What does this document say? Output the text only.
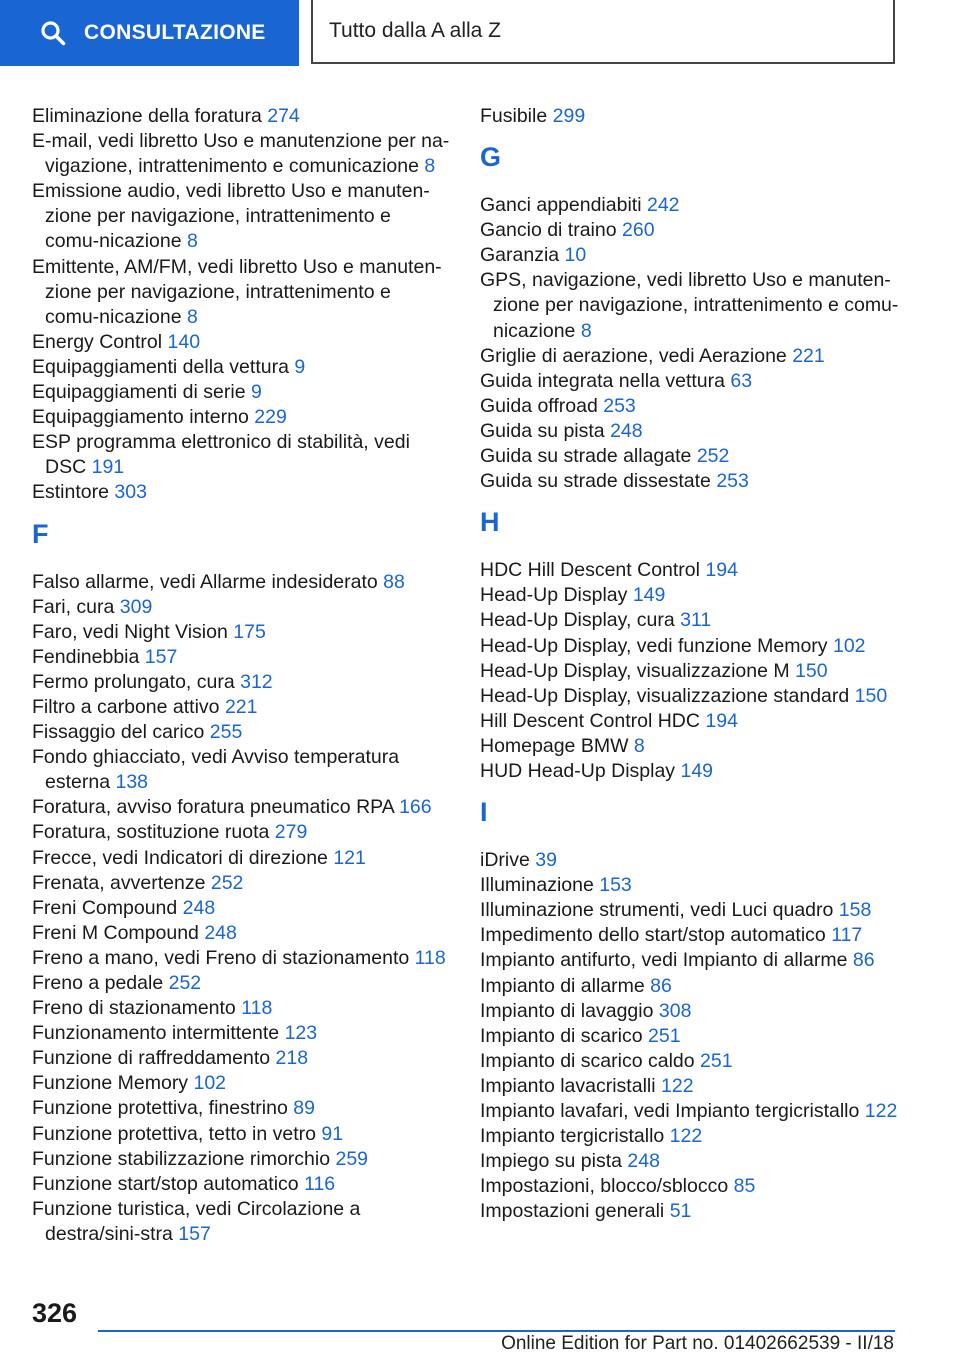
CONSULTAZIONE	Tutto dalla A alla Z

Eliminazione della foratura 274

E-mail, vedi libretto Uso e manutenzione per na-vigazione, intrattenimento e comunicazione 8

Emissione audio, vedi libretto Uso e manuten-zione per navigazione, intrattenimento e comu-nicazione 8

Emittente, AM/FM, vedi libretto Uso e manuten-zione per navigazione, intrattenimento e comu-nicazione 8

Energy Control 140

Equipaggiamenti della vettura 9

Equipaggiamenti di serie 9

Equipaggiamento interno 229

ESP programma elettronico di stabilità, vedi DSC 191

Estintore 303

F

Falso allarme, vedi Allarme indesiderato 88

Fari, cura 309

Faro, vedi Night Vision 175

Fendinebbia 157

Fermo prolungato, cura 312

Filtro a carbone attivo 221

Fissaggio del carico 255

Fondo ghiacciato, vedi Avviso temperatura esterna 138

Foratura, avviso foratura pneumatico RPA 166

Foratura, sostituzione ruota 279

Frecce, vedi Indicatori di direzione 121

Frenata, avvertenze 252

Freni Compound 248

Freni M Compound 248

Freno a mano, vedi Freno di stazionamento 118

Freno a pedale 252

Freno di stazionamento 118

Funzionamento intermittente 123

Funzione di raffreddamento 218

Funzione Memory 102

Funzione protettiva, finestrino 89

Funzione protettiva, tetto in vetro 91

Funzione stabilizzazione rimorchio 259

Funzione start/stop automatico 116

Funzione turistica, vedi Circolazione a destra/sini-stra 157

Fusibile 299

G

Ganci appendiabiti 242

Gancio di traino 260

Garanzia 10

GPS, navigazione, vedi libretto Uso e manuten-zione per navigazione, intrattenimento e comu-nicazione 8

Griglie di aerazione, vedi Aerazione 221

Guida integrata nella vettura 63

Guida offroad 253

Guida su pista 248

Guida su strade allagate 252

Guida su strade dissestate 253

H

HDC Hill Descent Control 194

Head-Up Display 149

Head-Up Display, cura 311

Head-Up Display, vedi funzione Memory 102

Head-Up Display, visualizzazione M 150

Head-Up Display, visualizzazione standard 150

Hill Descent Control HDC 194

Homepage BMW 8

HUD Head-Up Display 149

I

iDrive 39

Illuminazione 153

Illuminazione strumenti, vedi Luci quadro 158

Impedimento dello start/stop automatico 117

Impianto antifurto, vedi Impianto di allarme 86

Impianto di allarme 86

Impianto di lavaggio 308

Impianto di scarico 251

Impianto di scarico caldo 251

Impianto lavacristalli 122

Impianto lavafari, vedi Impianto tergicristallo 122

Impianto tergicristallo 122

Impiego su pista 248

Impostazioni, blocco/sblocco 85

Impostazioni generali 51

326
Online Edition for Part no. 01402662539 - II/18
